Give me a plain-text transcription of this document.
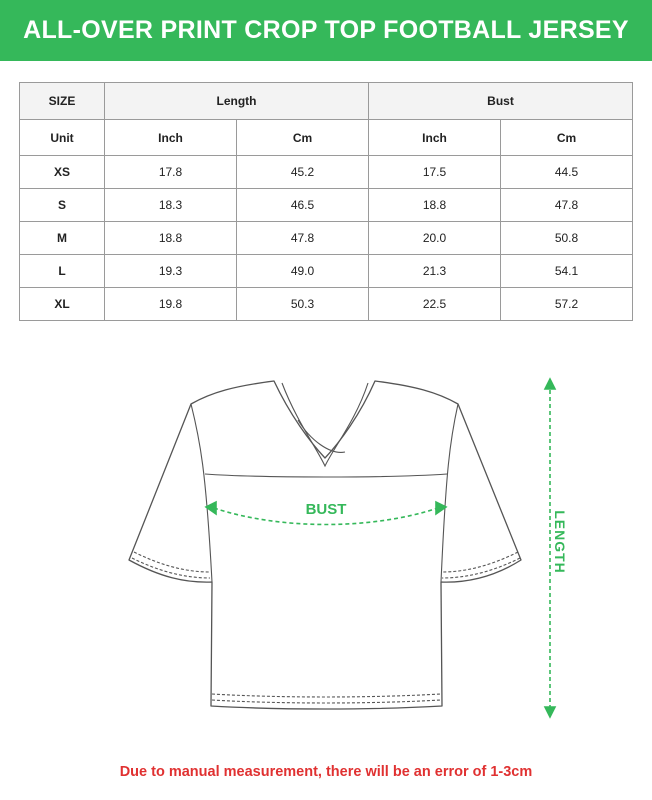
ALL-OVER PRINT CROP TOP FOOTBALL JERSEY
SIZE	Length		Bust	
Unit	Inch	Cm	Inch	Cm
XS	17.8	45.2	17.5	44.5
S	18.3	46.5	18.8	47.8
M	18.8	47.8	20.0	50.8
L	19.3	49.0	21.3	54.1
XL	19.8	50.3	22.5	57.2
BUST
LENGTH
Due to manual measurement, there will be an error of 1-3cm
